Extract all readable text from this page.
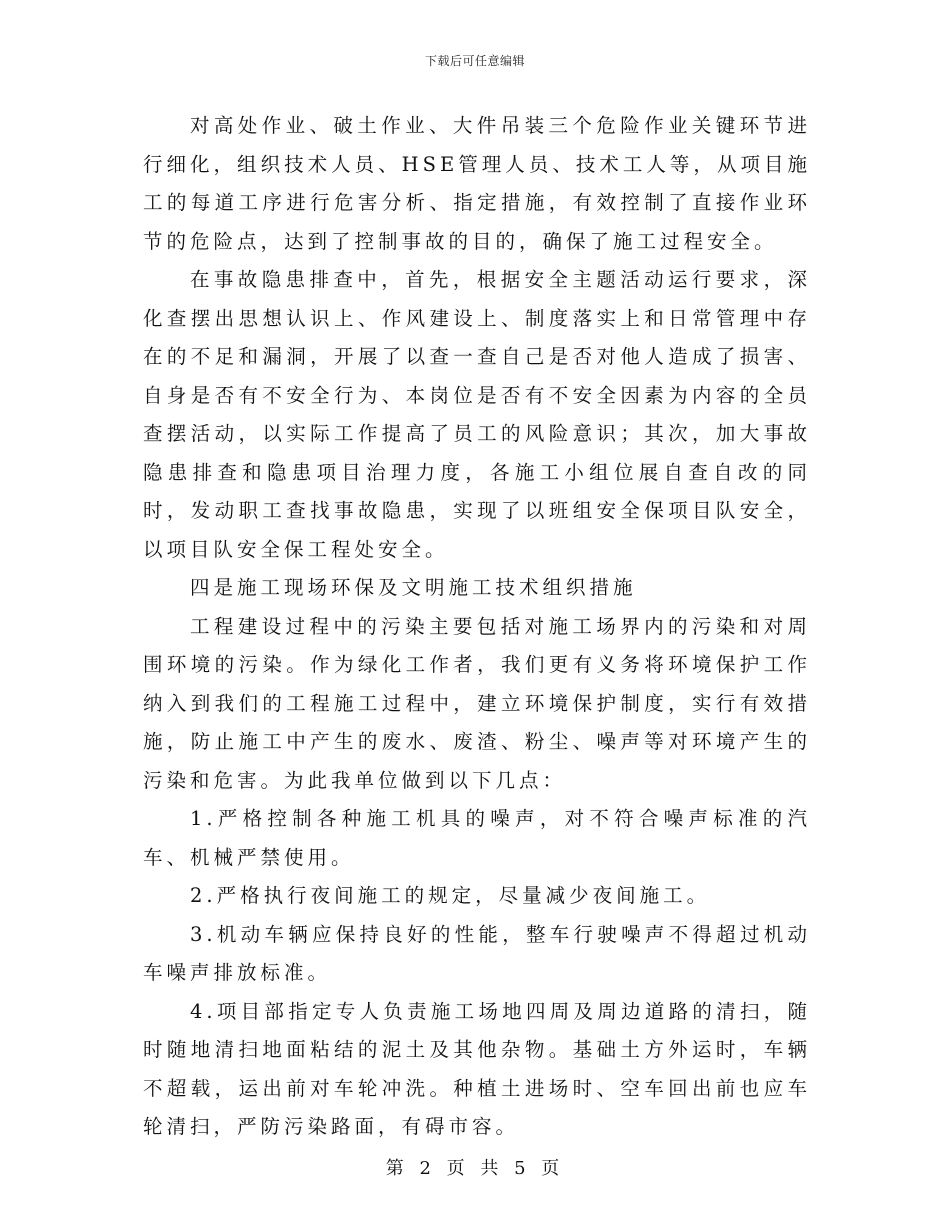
下载后可任意编辑

对高处作业、破土作业、大件吊装三个危险作业关键环节进行细化，组织技术人员、HSE管理人员、技术工人等，从项目施工的每道工序进行危害分析、指定措施，有效控制了直接作业环节的危险点，达到了控制事故的目的，确保了施工过程安全。

在事故隐患排查中，首先，根据安全主题活动运行要求，深化查摆出思想认识上、作风建设上、制度落实上和日常管理中存在的不足和漏洞，开展了以查一查自己是否对他人造成了损害、自身是否有不安全行为、本岗位是否有不安全因素为内容的全员查摆活动，以实际工作提高了员工的风险意识；其次，加大事故隐患排查和隐患项目治理力度，各施工小组位展自查自改的同时，发动职工查找事故隐患，实现了以班组安全保项目队安全，以项目队安全保工程处安全。

四是施工现场环保及文明施工技术组织措施

工程建设过程中的污染主要包括对施工场界内的污染和对周围环境的污染。作为绿化工作者，我们更有义务将环境保护工作纳入到我们的工程施工过程中，建立环境保护制度，实行有效措施，防止施工中产生的废水、废渣、粉尘、噪声等对环境产生的污染和危害。为此我单位做到以下几点：

1.严格控制各种施工机具的噪声，对不符合噪声标准的汽车、机械严禁使用。

2.严格执行夜间施工的规定，尽量减少夜间施工。

3.机动车辆应保持良好的性能，整车行驶噪声不得超过机动车噪声排放标准。

4.项目部指定专人负责施工场地四周及周边道路的清扫，随时随地清扫地面粘结的泥土及其他杂物。基础土方外运时，车辆不超载，运出前对车轮冲洗。种植土进场时、空车回出前也应车轮清扫，严防污染路面，有碍市容。

第 2 页 共 5 页
